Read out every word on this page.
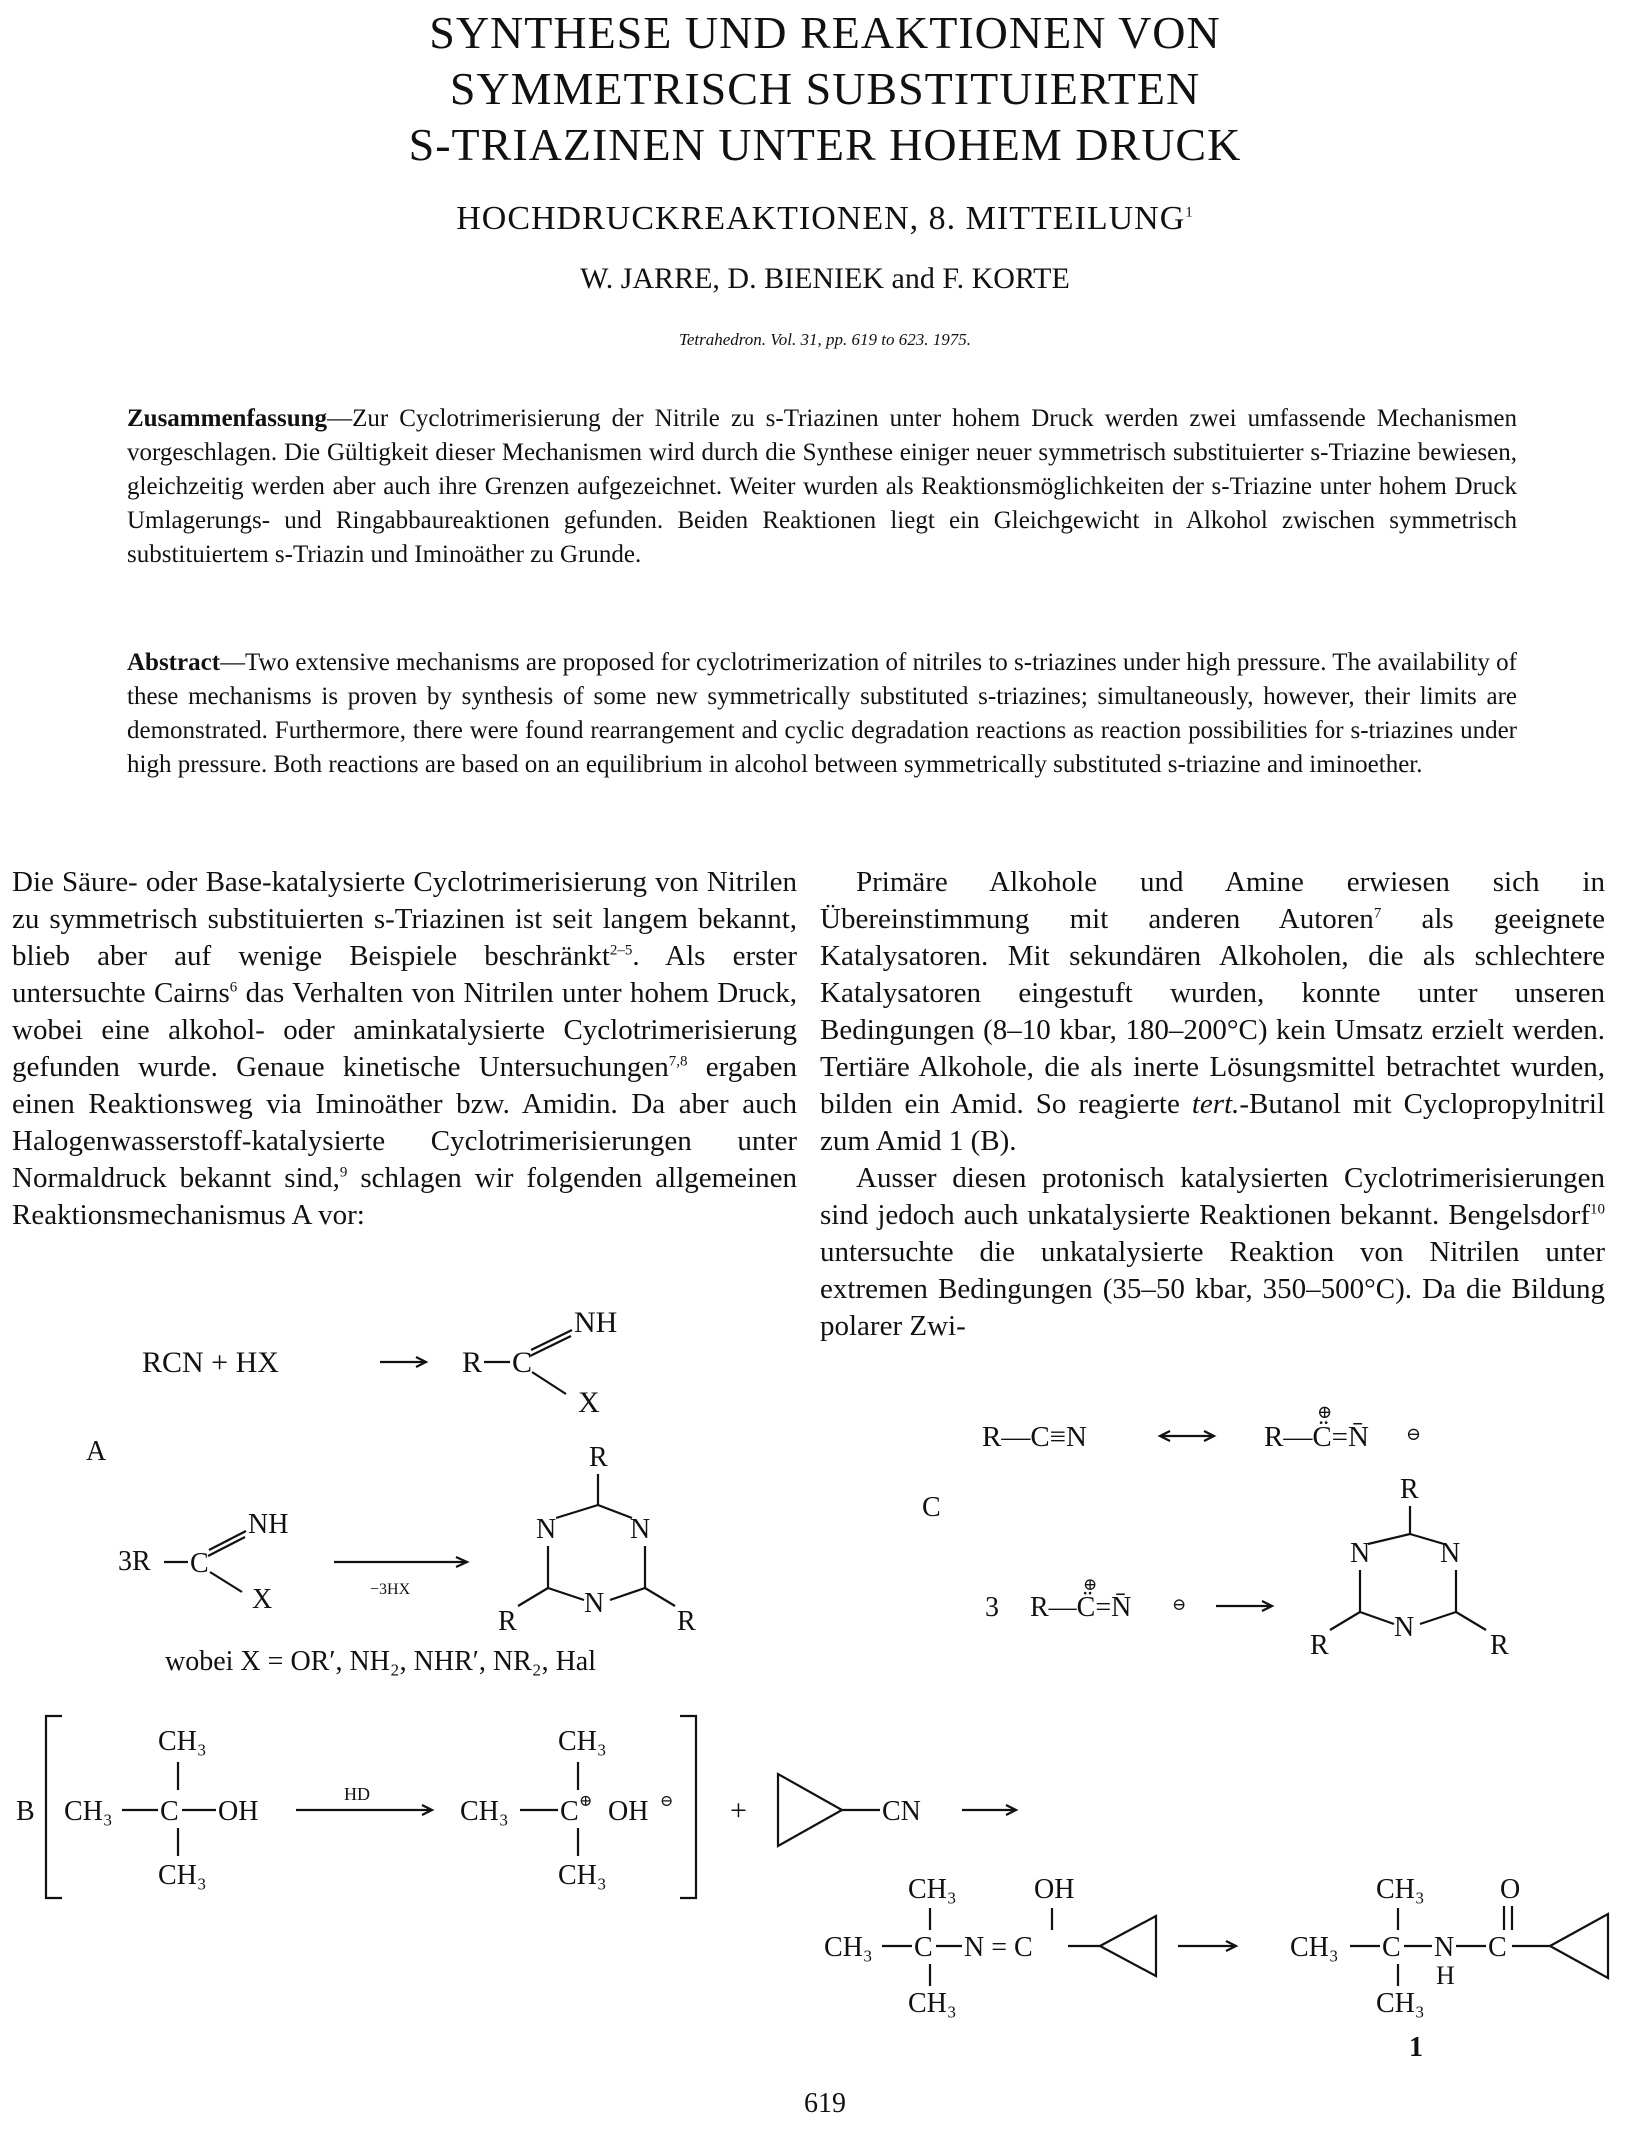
SYNTHESE UND REAKTIONEN VON
SYMMETRISCH SUBSTITUIERTEN
S-TRIAZINEN UNTER HOHEM DRUCK
HOCHDRUCKREAKTIONEN, 8. MITTEILUNG$^1$
W. JARRE, D. BIENIEK and F. KORTE
Tetrahedron. Vol. 31, pp. 619 to 623. 1975.
Zusammenfassung—Zur Cyclotrimerisierung der Nitrile zu s-Triazinen unter hohem Druck werden zwei umfassende Mechanismen vorgeschlagen. Die Gültigkeit dieser Mechanismen wird durch die Synthese einiger neuer symmetrisch substituierter s-Triazine bewiesen, gleichzeitig werden aber auch ihre Grenzen aufgezeichnet. Weiter wurden als Reaktionsmöglichkeiten der s-Triazine unter hohem Druck Umlagerungs- und Ringabbaureaktionen gefunden. Beiden Reaktionen liegt ein Gleichgewicht in Alkohol zwischen symmetrisch substituiertem s-Triazin und Iminoäther zu Grunde.
Abstract—Two extensive mechanisms are proposed for cyclotrimerization of nitriles to s-triazines under high pressure. The availability of these mechanisms is proven by synthesis of some new symmetrically substituted s-triazines; simultaneously, however, their limits are demonstrated. Furthermore, there were found rearrangement and cyclic degradation reactions as reaction possibilities for s-triazines under high pressure. Both reactions are based on an equilibrium in alcohol between symmetrically substituted s-triazine and iminoether.

Die Säure- oder Base-katalysierte Cyclotrimerisierung von Nitrilen zu symmetrisch substituierten s-Triazinen ist seit langem bekannt, blieb aber auf wenige Beispiele beschränkt$^{2-5}$. Als erster untersuchte Cairns$^6$ das Verhalten von Nitrilen unter hohem Druck, wobei eine alkohol- oder aminkatalysierte Cyclotrimerisierung gefunden wurde. Genaue kinetische Untersuchungen$^{7,8}$ ergaben einen Reaktionsweg via Iminoäther bzw. Amidin. Da aber auch Halogenwasserstoff-katalysierte Cyclotrimerisierungen unter Normaldruck bekannt sind,$^9$ schlagen wir folgenden allgemeinen Reaktionsmechanismus A vor:

Primäre Alkohole und Amine erwiesen sich in Übereinstimmung mit anderen Autoren$^7$ als geeignete Katalysatoren. Mit sekundären Alkoholen, die als schlechtere Katalysatoren eingestuft wurden, konnte unter unseren Bedingungen (8–10 kbar, 180–200°C) kein Umsatz erzielt werden. Tertiäre Alkohole, die als inerte Lösungsmittel betrachtet wurden, bilden ein Amid. So reagierte tert.-Butanol mit Cyclopropylnitril zum Amid 1 (B).

Ausser diesen protonisch katalysierten Cyclotrimerisierungen sind jedoch auch unkatalysierte Reaktionen bekannt. Bengelsdorf$^{10}$ untersuchte die unkatalysierte Reaktion von Nitrilen unter extremen Bedingungen (35–50 kbar, 350–500°C). Da die Bildung polarer Zwi-

RCN + HX	R C
NH
X
A
3R C
NH
X	−3HX
R
N	N
N
R	R
wobei X = OR′, NH₂, NHR′, NR₂, Hal
R—C≡N	R—C̈=N̄
⊕
⊖
C
3 R—C̈=N̄
⊕
⊖
R
N N
N
R	R
B
CH₃
CH₃ C OH
CH₃
HD
CH₃
CH₃ C ⊕ OH ⊖
CH₃
+	CN
CH₃
CH₃ C N = C
CH₃
OH	CH₃
CH₃ C N
H
C
O
CH₃
1
619
